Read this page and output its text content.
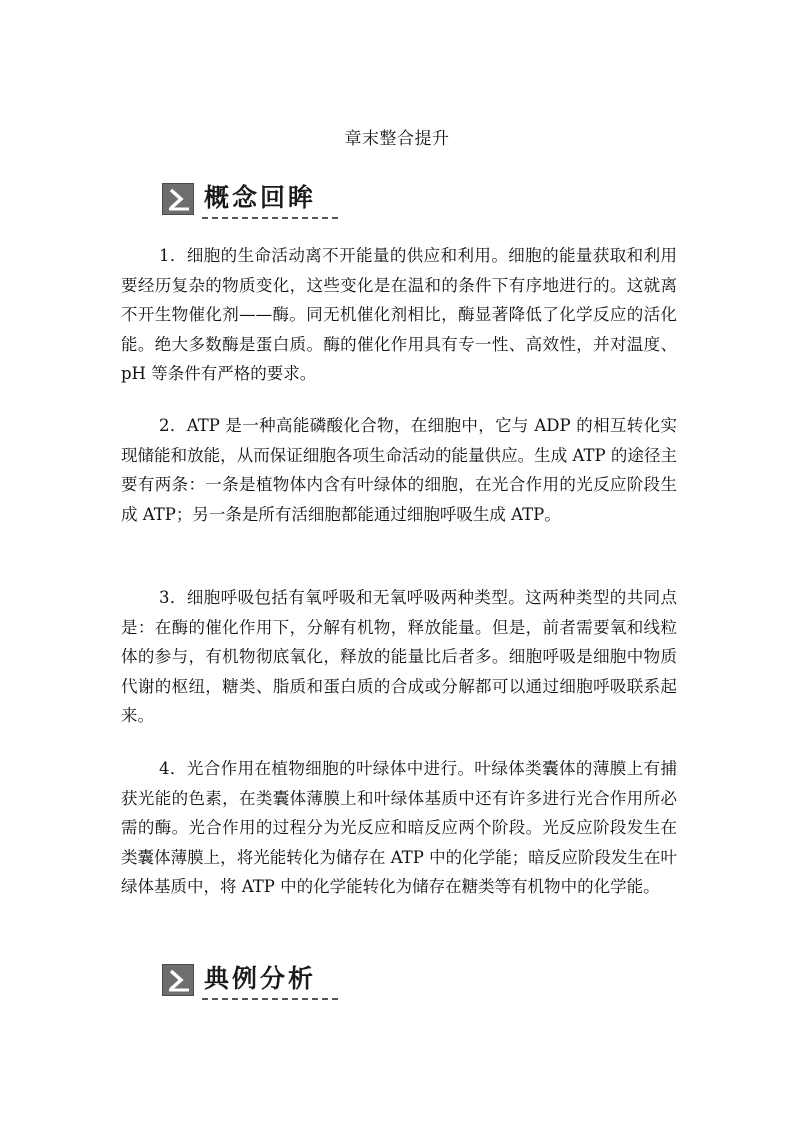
章末整合提升
概念回眸

1．细胞的生命活动离不开能量的供应和利用。细胞的能量获取和利用要经历复杂的物质变化，这些变化是在温和的条件下有序地进行的。这就离不开生物催化剂——酶。同无机催化剂相比，酶显著降低了化学反应的活化能。绝大多数酶是蛋白质。酶的催化作用具有专一性、高效性，并对温度、pH 等条件有严格的要求。

2．ATP 是一种高能磷酸化合物，在细胞中，它与 ADP 的相互转化实现储能和放能，从而保证细胞各项生命活动的能量供应。生成 ATP 的途径主要有两条：一条是植物体内含有叶绿体的细胞，在光合作用的光反应阶段生成 ATP；另一条是所有活细胞都能通过细胞呼吸生成 ATP。

3．细胞呼吸包括有氧呼吸和无氧呼吸两种类型。这两种类型的共同点是：在酶的催化作用下，分解有机物，释放能量。但是，前者需要氧和线粒体的参与，有机物彻底氧化，释放的能量比后者多。细胞呼吸是细胞中物质代谢的枢纽，糖类、脂质和蛋白质的合成或分解都可以通过细胞呼吸联系起来。

4．光合作用在植物细胞的叶绿体中进行。叶绿体类囊体的薄膜上有捕获光能的色素，在类囊体薄膜上和叶绿体基质中还有许多进行光合作用所必需的酶。光合作用的过程分为光反应和暗反应两个阶段。光反应阶段发生在类囊体薄膜上，将光能转化为储存在 ATP 中的化学能；暗反应阶段发生在叶绿体基质中，将 ATP 中的化学能转化为储存在糖类等有机物中的化学能。

典例分析
